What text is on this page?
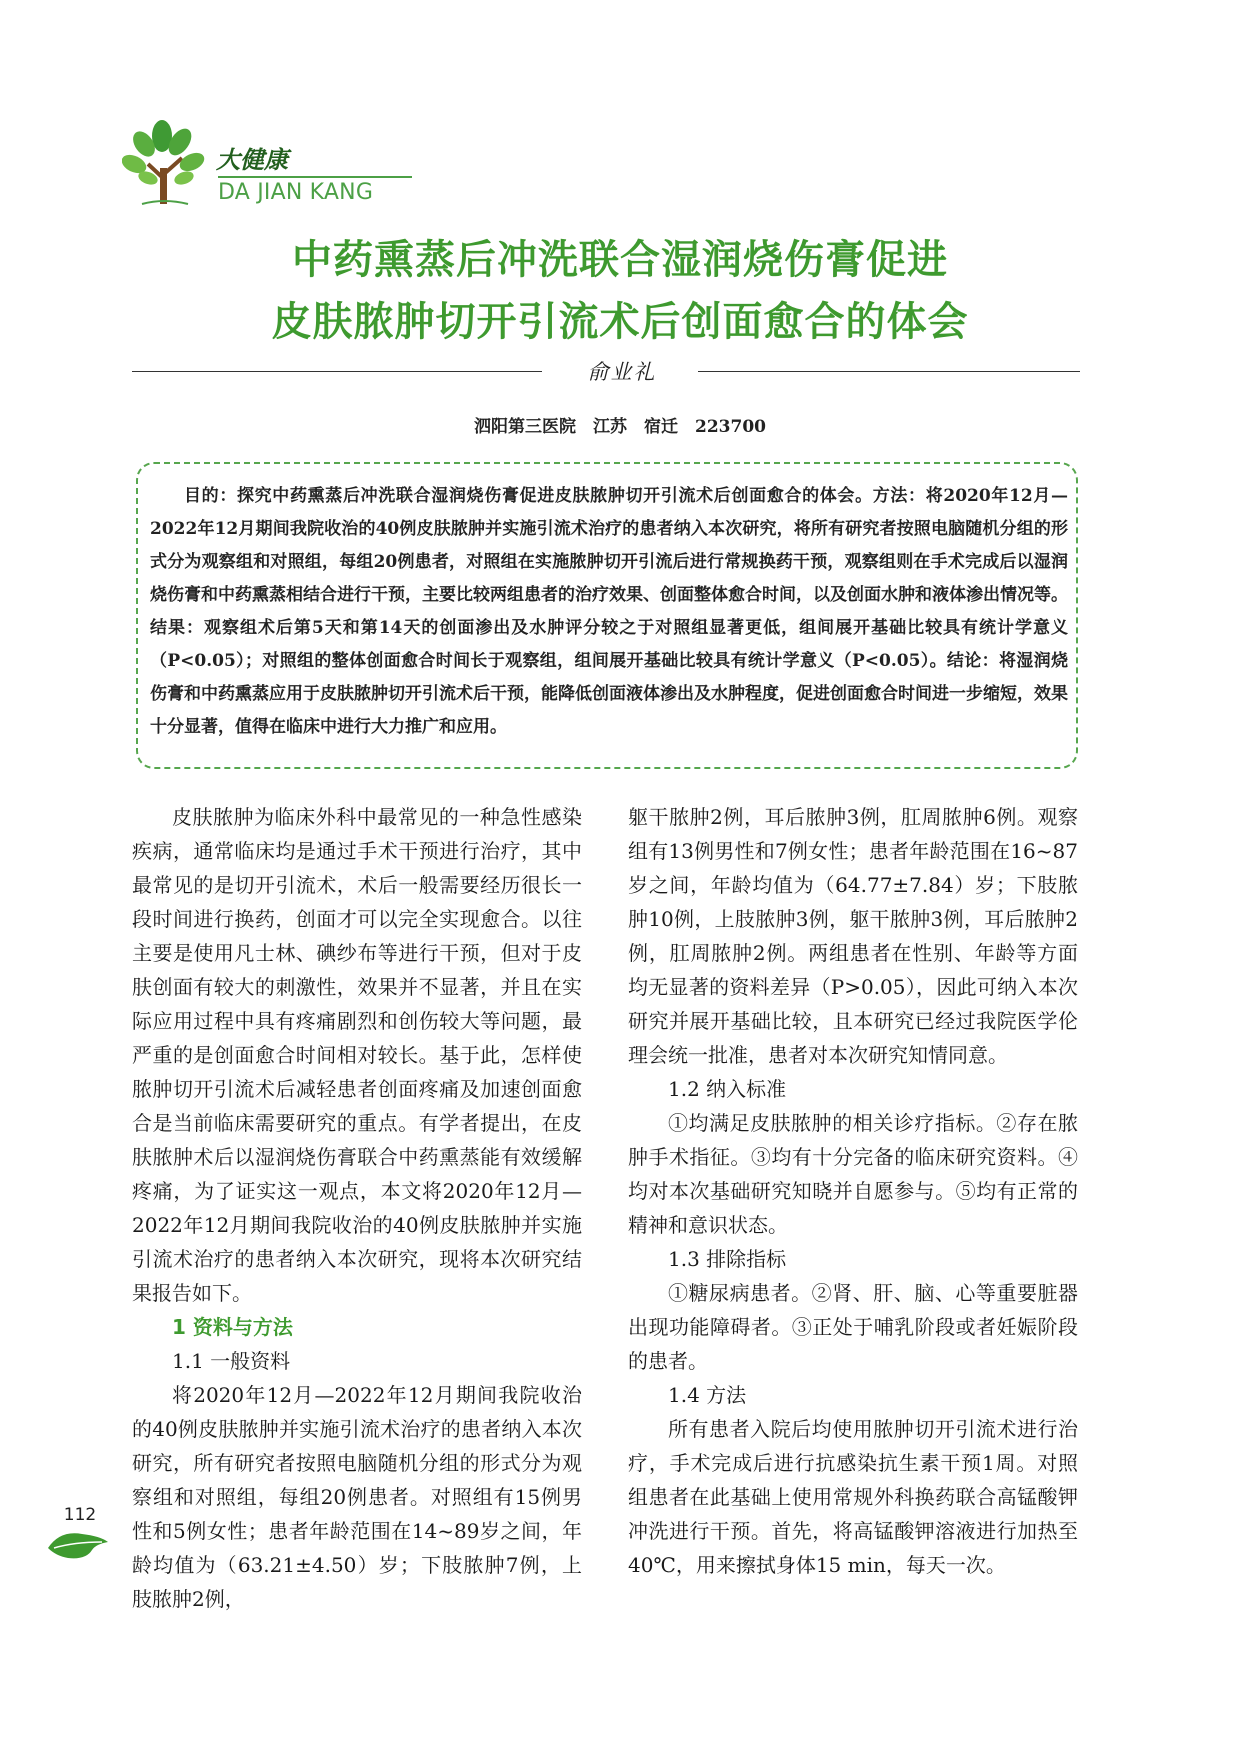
大健康
DA JIAN KANG
中药熏蒸后冲洗联合湿润烧伤膏促进
皮肤脓肿切开引流术后创面愈合的体会
俞业礼
泗阳第三医院　江苏　宿迁　223700
目的：探究中药熏蒸后冲洗联合湿润烧伤膏促进皮肤脓肿切开引流术后创面愈合的体会。方法：将2020年12月—2022年12月期间我院收治的40例皮肤脓肿并实施引流术治疗的患者纳入本次研究，将所有研究者按照电脑随机分组的形式分为观察组和对照组，每组20例患者，对照组在实施脓肿切开引流后进行常规换药干预，观察组则在手术完成后以湿润烧伤膏和中药熏蒸相结合进行干预，主要比较两组患者的治疗效果、创面整体愈合时间，以及创面水肿和液体渗出情况等。结果：观察组术后第5天和第14天的创面渗出及水肿评分较之于对照组显著更低，组间展开基础比较具有统计学意义（P<0.05）；对照组的整体创面愈合时间长于观察组，组间展开基础比较具有统计学意义（P<0.05）。结论：将湿润烧伤膏和中药熏蒸应用于皮肤脓肿切开引流术后干预，能降低创面液体渗出及水肿程度，促进创面愈合时间进一步缩短，效果十分显著，值得在临床中进行大力推广和应用。

皮肤脓肿为临床外科中最常见的一种急性感染疾病，通常临床均是通过手术干预进行治疗，其中最常见的是切开引流术，术后一般需要经历很长一段时间进行换药，创面才可以完全实现愈合。以往主要是使用凡士林、碘纱布等进行干预，但对于皮肤创面有较大的刺激性，效果并不显著，并且在实际应用过程中具有疼痛剧烈和创伤较大等问题，最严重的是创面愈合时间相对较长。基于此，怎样使脓肿切开引流术后减轻患者创面疼痛及加速创面愈合是当前临床需要研究的重点。有学者提出，在皮肤脓肿术后以湿润烧伤膏联合中药熏蒸能有效缓解疼痛，为了证实这一观点，本文将2020年12月—2022年12月期间我院收治的40例皮肤脓肿并实施引流术治疗的患者纳入本次研究，现将本次研究结果报告如下。

1 资料与方法
1.1 一般资料

将2020年12月—2022年12月期间我院收治的40例皮肤脓肿并实施引流术治疗的患者纳入本次研究，所有研究者按照电脑随机分组的形式分为观察组和对照组，每组20例患者。对照组有15例男性和5例女性；患者年龄范围在14~89岁之间，年龄均值为（63.21±4.50）岁；下肢脓肿7例，上肢脓肿2例，

躯干脓肿2例，耳后脓肿3例，肛周脓肿6例。观察组有13例男性和7例女性；患者年龄范围在16~87岁之间，年龄均值为（64.77±7.84）岁；下肢脓肿10例，上肢脓肿3例，躯干脓肿3例，耳后脓肿2例，肛周脓肿2例。两组患者在性别、年龄等方面均无显著的资料差异（P>0.05），因此可纳入本次研究并展开基础比较，且本研究已经过我院医学伦理会统一批准，患者对本次研究知情同意。

1.2 纳入标准

①均满足皮肤脓肿的相关诊疗指标。②存在脓肿手术指征。③均有十分完备的临床研究资料。④均对本次基础研究知晓并自愿参与。⑤均有正常的精神和意识状态。

1.3 排除指标

①糖尿病患者。②肾、肝、脑、心等重要脏器出现功能障碍者。③正处于哺乳阶段或者妊娠阶段的患者。

1.4 方法

所有患者入院后均使用脓肿切开引流术进行治疗，手术完成后进行抗感染抗生素干预1周。对照组患者在此基础上使用常规外科换药联合高锰酸钾冲洗进行干预。首先，将高锰酸钾溶液进行加热至40℃，用来擦拭身体15 min，每天一次。

112
